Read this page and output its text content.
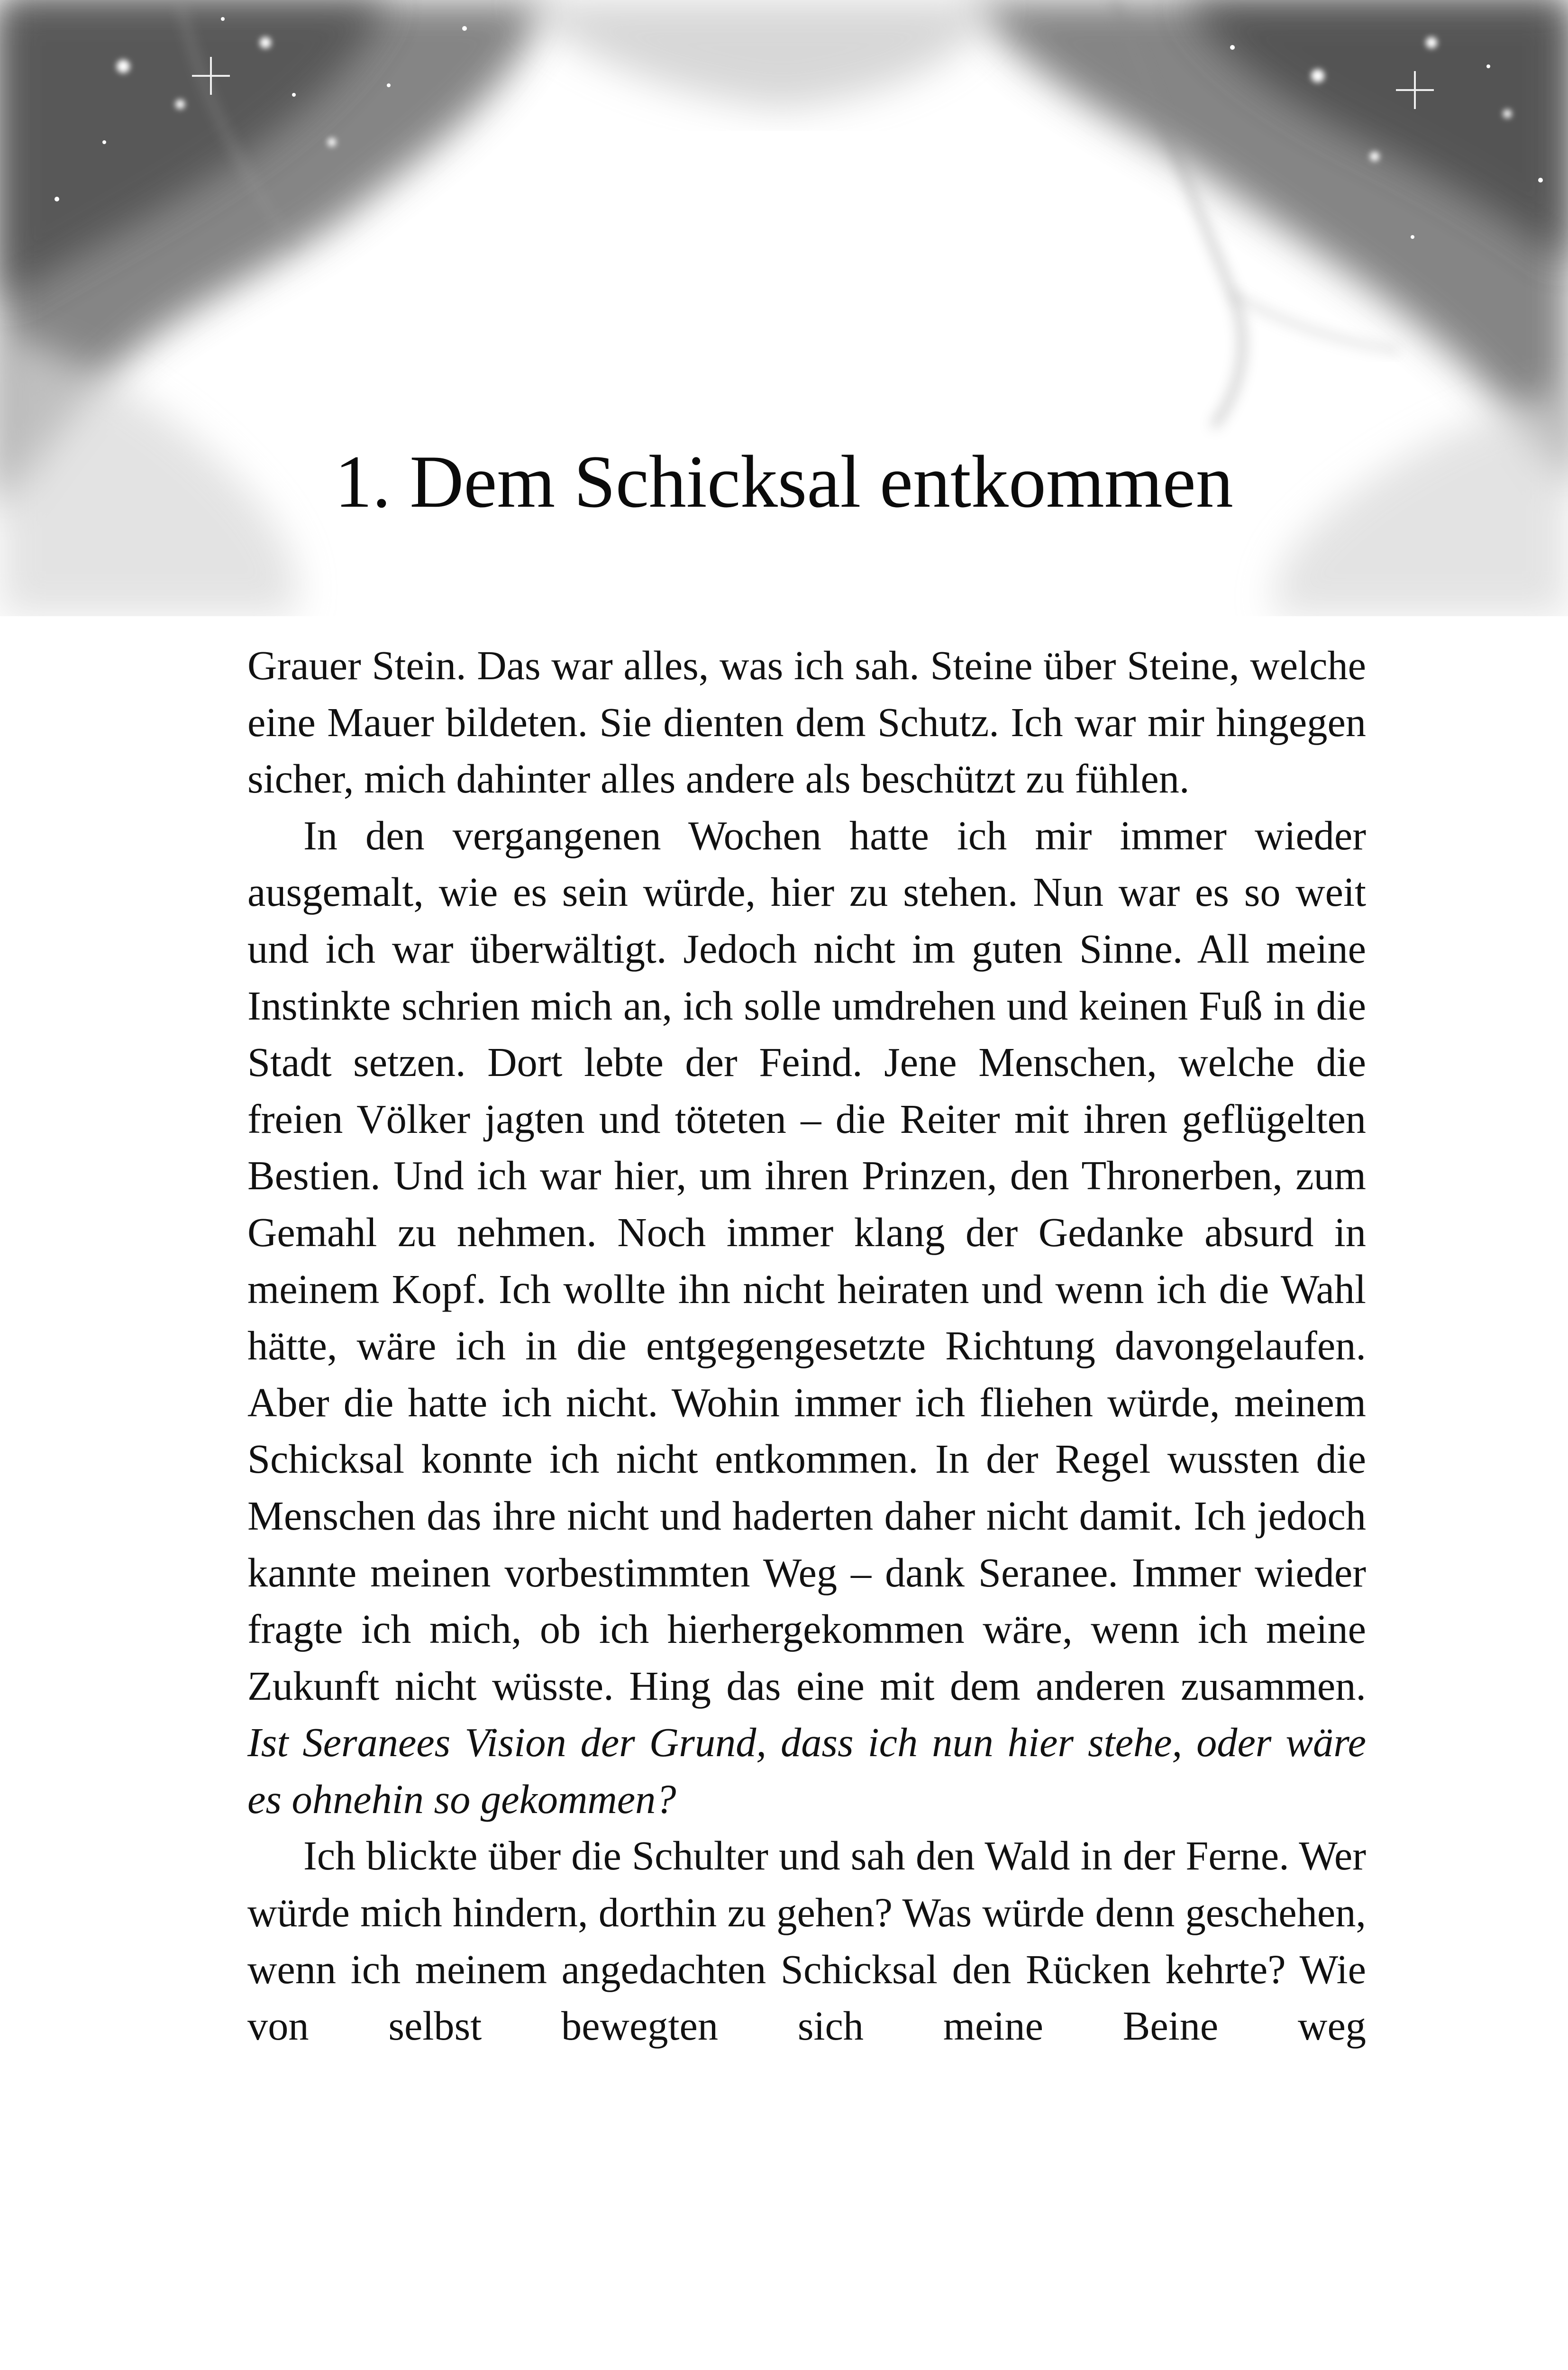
1. Dem Schicksal entkommen

Grauer Stein. Das war alles, was ich sah. Steine über Steine, welche eine Mauer bildeten. Sie dienten dem Schutz. Ich war mir hingegen sicher, mich dahinter alles andere als beschützt zu fühlen.

In den vergangenen Wochen hatte ich mir immer wieder ausgemalt, wie es sein würde, hier zu stehen. Nun war es so weit und ich war überwältigt. Jedoch nicht im guten Sinne. All meine Instinkte schrien mich an, ich solle umdrehen und keinen Fuß in die Stadt setzen. Dort lebte der Feind. Jene Menschen, welche die freien Völker jagten und töteten – die Reiter mit ihren geflügelten Bestien. Und ich war hier, um ihren Prinzen, den Thronerben, zum Gemahl zu nehmen. Noch immer klang der Gedanke absurd in meinem Kopf. Ich wollte ihn nicht heiraten und wenn ich die Wahl hätte, wäre ich in die entgegengesetzte Richtung davongelaufen. Aber die hatte ich nicht. Wohin immer ich fliehen würde, meinem Schicksal konnte ich nicht entkommen. In der Regel wussten die Menschen das ihre nicht und haderten daher nicht damit. Ich jedoch kannte meinen vorbestimmten Weg – dank Seranee. Immer wieder fragte ich mich, ob ich hierhergekommen wäre, wenn ich meine Zukunft nicht wüsste. Hing das eine mit dem anderen zusammen. Ist Seranees Vision der Grund, dass ich nun hier stehe, oder wäre es ohnehin so gekommen?

Ich blickte über die Schulter und sah den Wald in der Ferne. Wer würde mich hindern, dorthin zu gehen? Was würde denn geschehen, wenn ich meinem angedachten Schicksal den Rücken kehrte? Wie von selbst bewegten sich meine Beine weg
